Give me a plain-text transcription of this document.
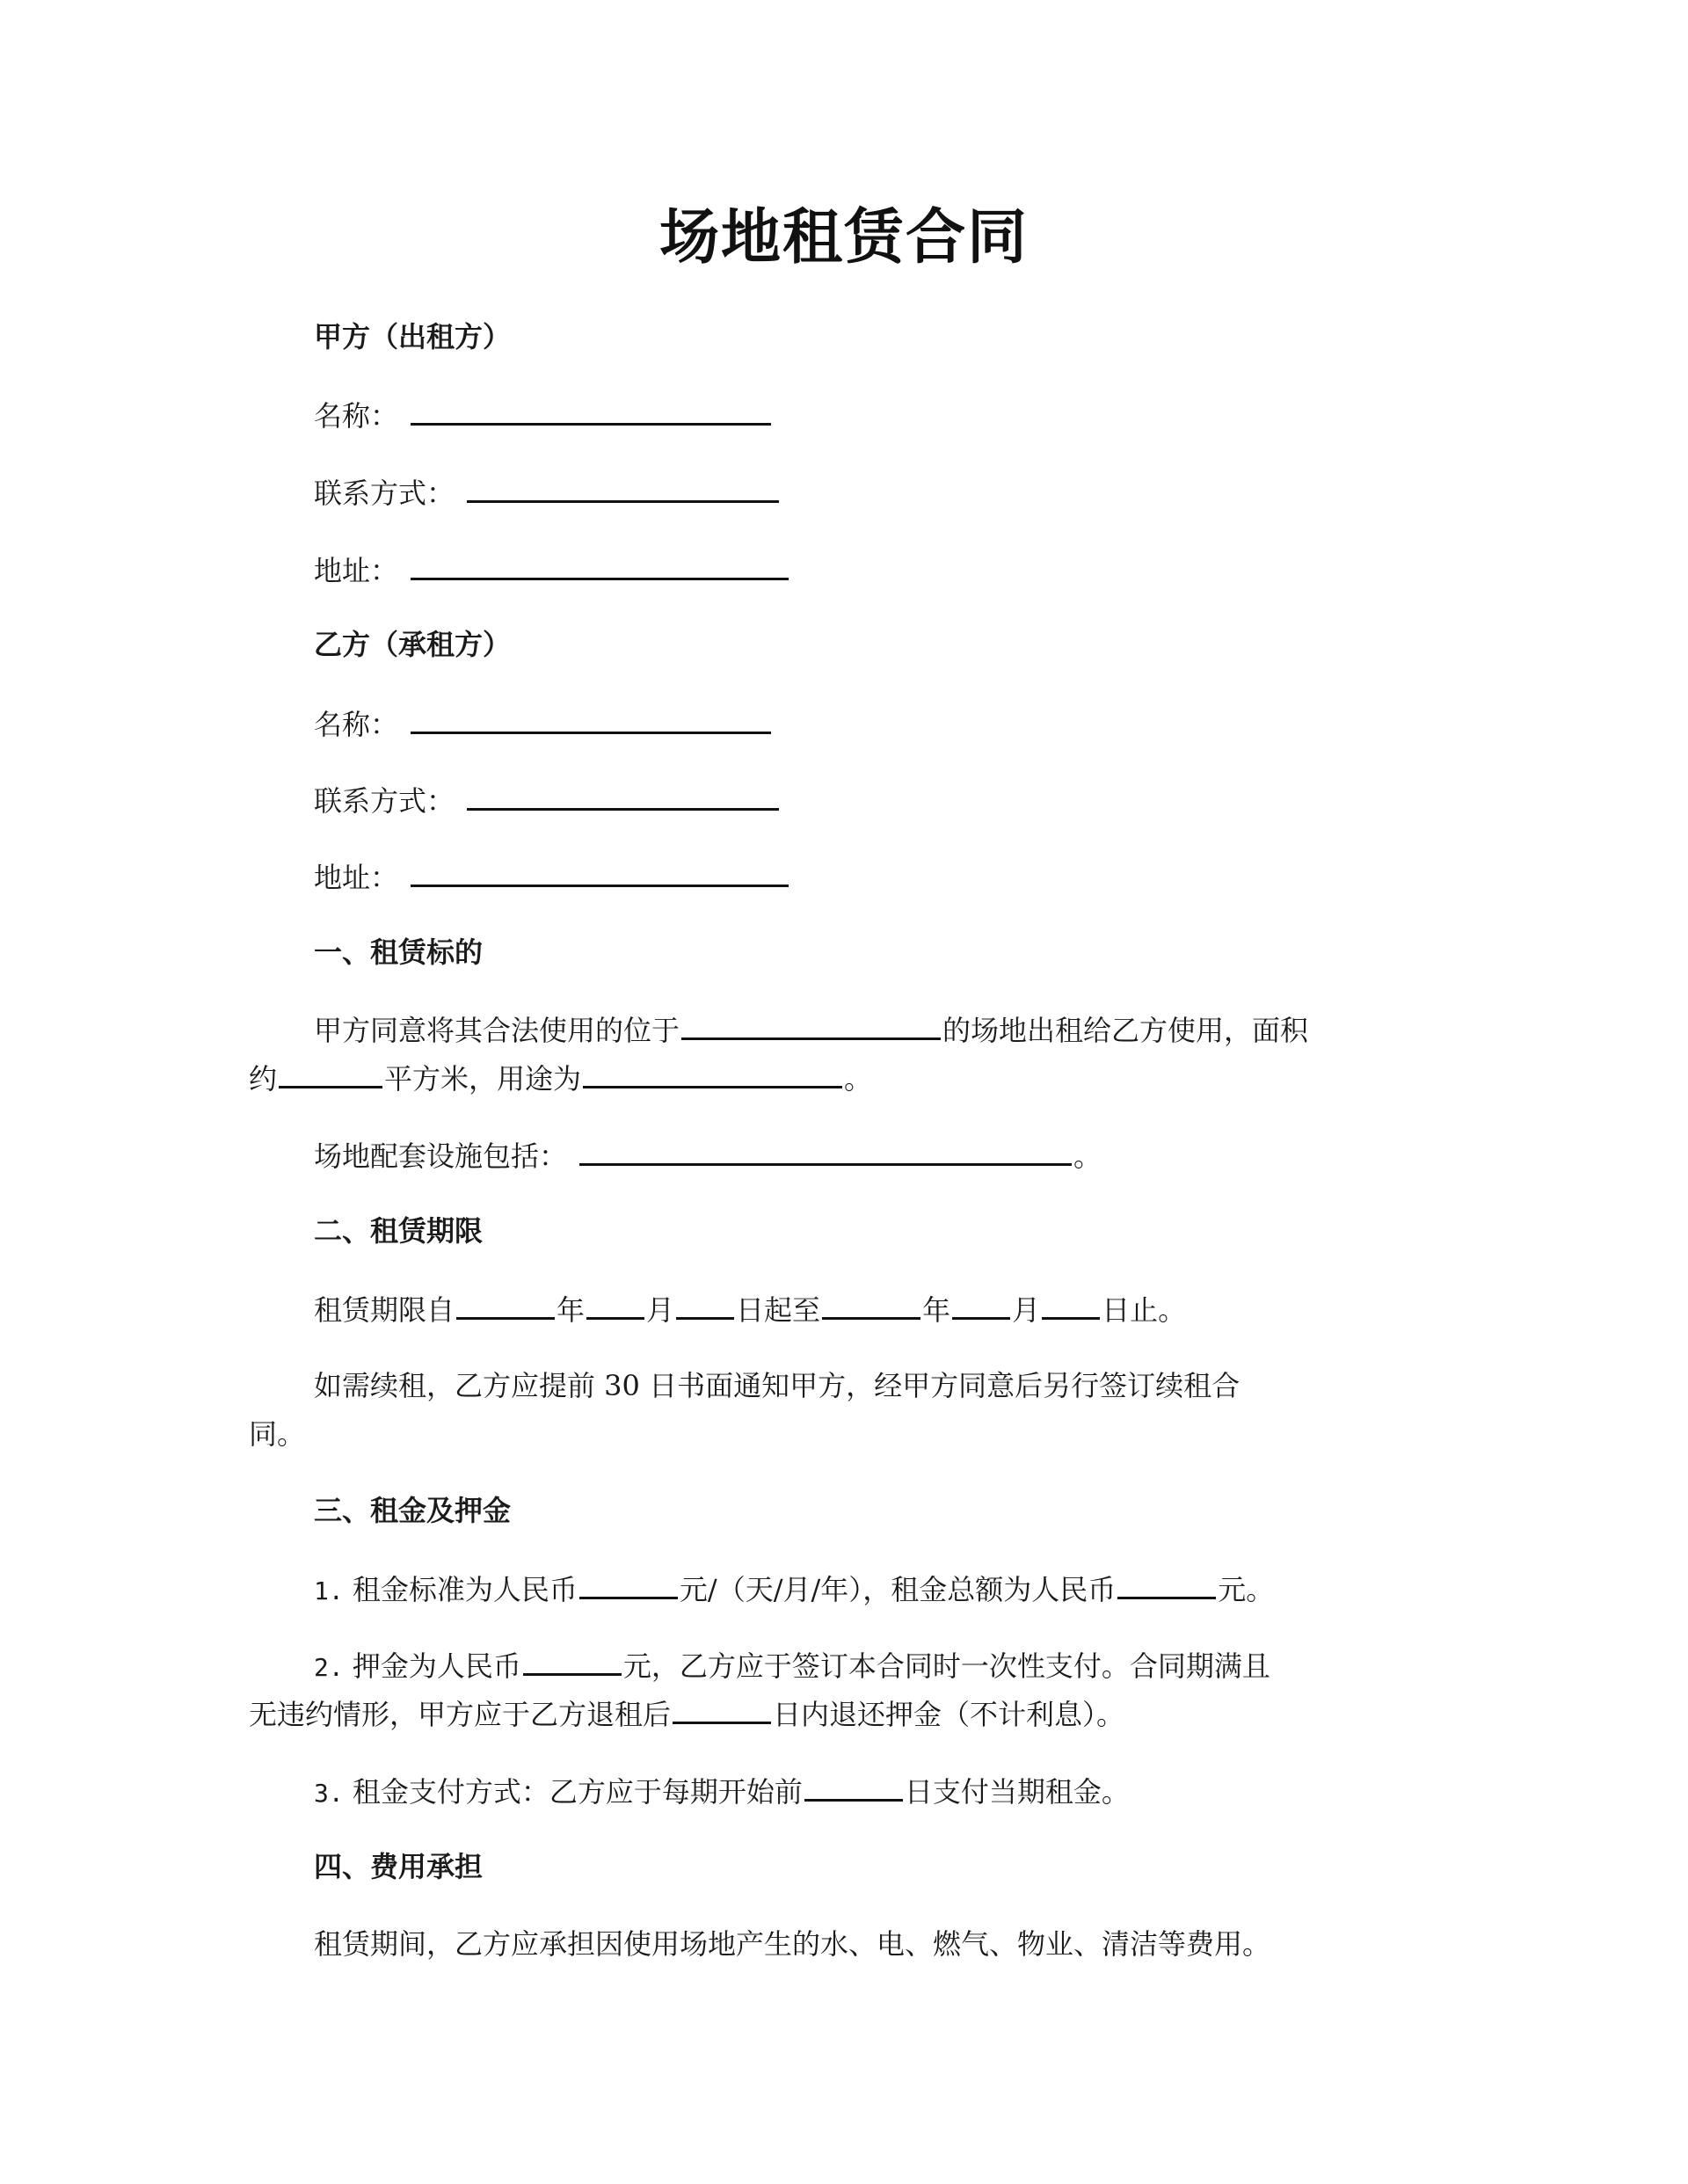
场地租赁合同
甲方（出租方）
名称：
联系方式：
地址：
乙方（承租方）
名称：
联系方式：
地址：
一、租赁标的
甲方同意将其合法使用的位于	的场地出租给乙方使用，面积
约	平方米，用途为	。
场地配套设施包括：	。
二、租赁期限
租赁期限自	年 月 日起至	年 月 日止。
如需续租，乙方应提前 30 日书面通知甲方，经甲方同意后另行签订续租合
同。
三、租金及押金
1. 租金标准为人民币	元/（天/月/年），租金总额为人民币	元。
2. 押金为人民币	元，乙方应于签订本合同时一次性支付。合同期满且
无违约情形，甲方应于乙方退租后	日内退还押金（不计利息）。
3. 租金支付方式：乙方应于每期开始前	日支付当期租金。
四、费用承担
租赁期间，乙方应承担因使用场地产生的水、电、燃气、物业、清洁等费用。
